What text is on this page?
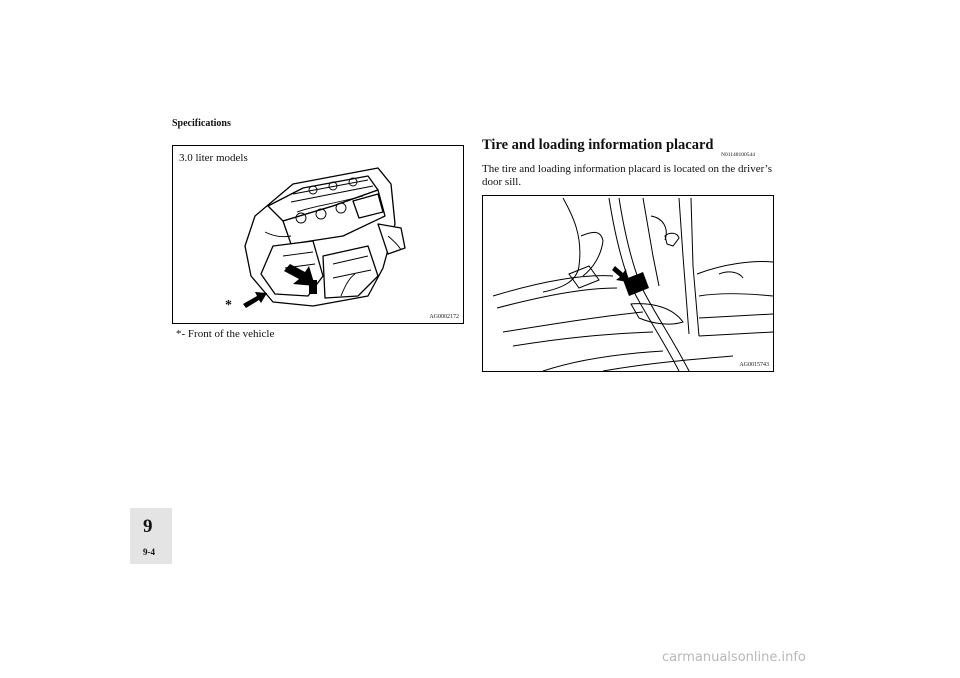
Specifications
3.0 liter models
*
AG0002172
*- Front of the vehicle
Tire and loading information placard
N01148100544
The tire and loading information placard is located on the driver’s door sill.
AG0015743
9
9-4
carmanualsonline.info
